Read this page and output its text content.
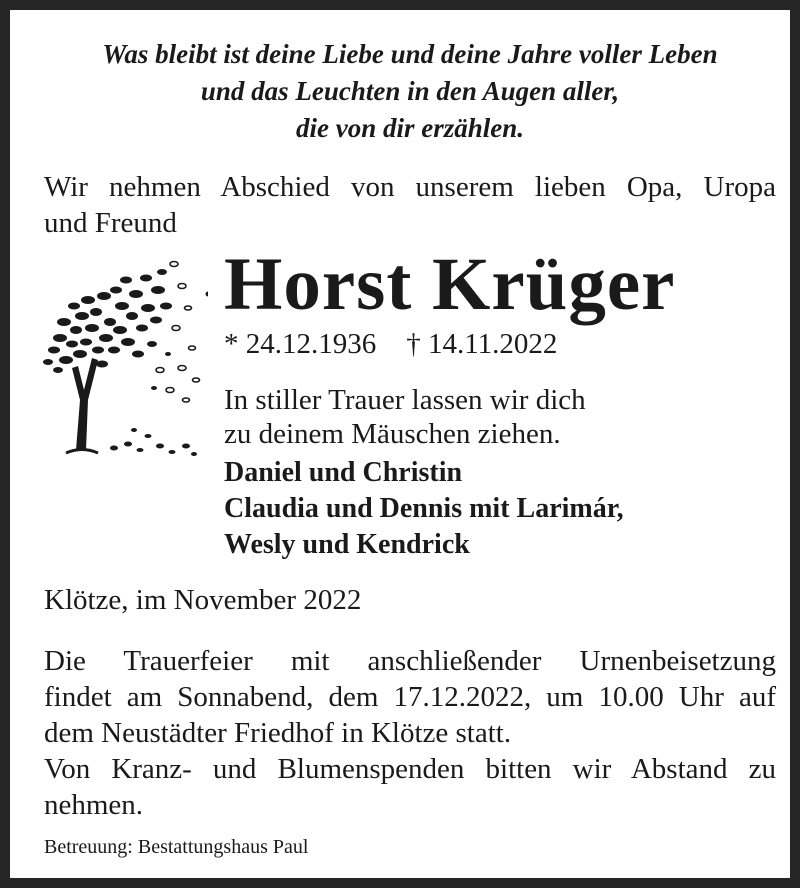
Was bleibt ist deine Liebe und deine Jahre voller Leben
und das Leuchten in den Augen aller,
die von dir erzählen.

Wir nehmen Abschied von unserem lieben Opa, Uropa
und Freund

Horst Krüger
* 24.12.1936 † 14.11.2022

In stiller Trauer lassen wir dich
zu deinem Mäuschen ziehen.

Daniel und Christin
Claudia und Dennis mit Larimár,
Wesly und Kendrick

Klötze, im November 2022

Die Trauerfeier mit anschließender Urnenbeisetzung
findet am Sonnabend, dem 17.12.2022, um 10.00 Uhr auf
dem Neustädter Friedhof in Klötze statt.
Von Kranz- und Blumenspenden bitten wir Abstand zu
nehmen.

Betreuung: Bestattungshaus Paul
